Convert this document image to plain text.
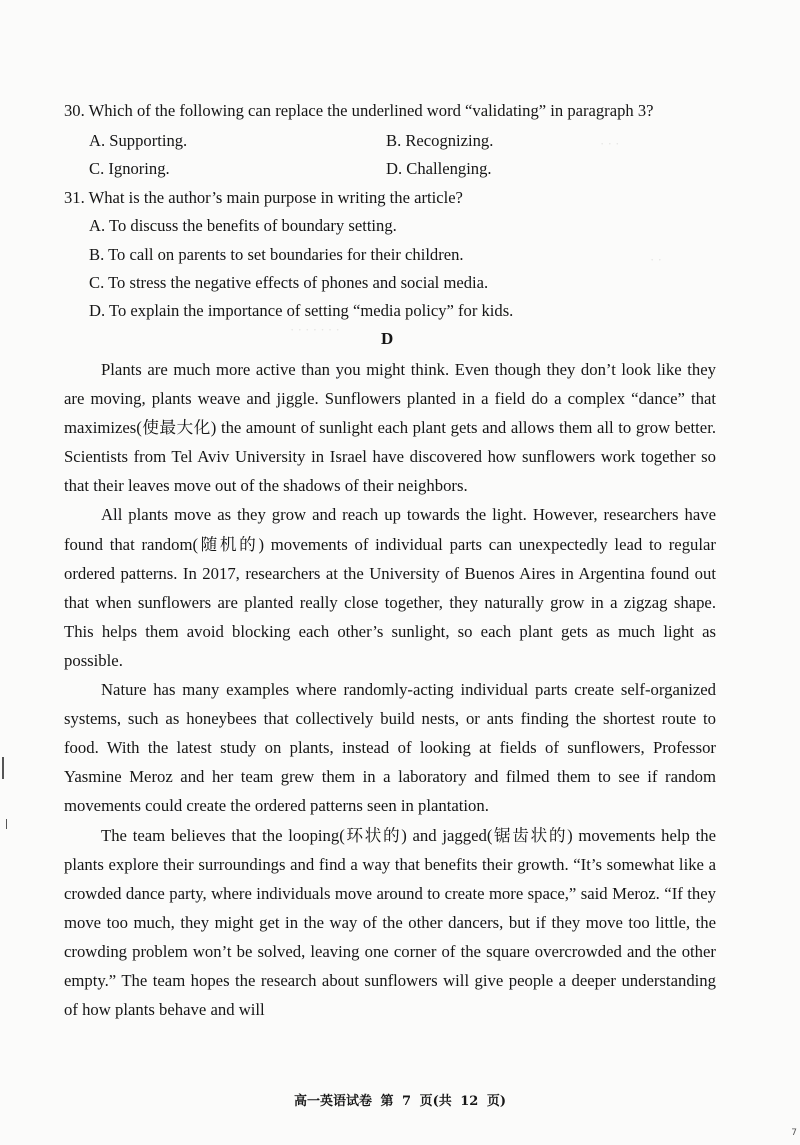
· · ·
· ·
· · · · · · ·
30. Which of the following can replace the underlined word “validating” in paragraph 3?
A. Supporting.	B. Recognizing.
C. Ignoring.	D. Challenging.
31. What is the author’s main purpose in writing the article?
A. To discuss the benefits of boundary setting.
B. To call on parents to set boundaries for their children.
C. To stress the negative effects of phones and social media.
D. To explain the importance of setting “media policy” for kids.
D

Plants are much more active than you might think. Even though they don’t look like they are moving, plants weave and jiggle. Sunflowers planted in a field do a complex “dance” that maximizes(使最大化) the amount of sunlight each plant gets and allows them all to grow better. Scientists from Tel Aviv University in Israel have discovered how sunflowers work together so that their leaves move out of the shadows of their neighbors.

All plants move as they grow and reach up towards the light. However, researchers have found that random(随机的) movements of individual parts can unexpectedly lead to regular ordered patterns. In 2017, researchers at the University of Buenos Aires in Argentina found out that when sunflowers are planted really close together, they naturally grow in a zigzag shape. This helps them avoid blocking each other’s sunlight, so each plant gets as much light as possible.

Nature has many examples where randomly-acting individual parts create self-organized systems, such as honeybees that collectively build nests, or ants finding the shortest route to food. With the latest study on plants, instead of looking at fields of sunflowers, Professor Yasmine Meroz and her team grew them in a laboratory and filmed them to see if random movements could create the ordered patterns seen in plantation.

The team believes that the looping(环状的) and jagged(锯齿状的) movements help the plants explore their surroundings and find a way that benefits their growth. “It’s somewhat like a crowded dance party, where individuals move around to create more space,” said Meroz. “If they move too much, they might get in the way of the other dancers, but if they move too little, the crowding problem won’t be solved, leaving one corner of the square overcrowded and the other empty.” The team hopes the research about sunflowers will give people a deeper understanding of how plants behave and will

高一英语试卷 第 7 页(共 12 页)
7
